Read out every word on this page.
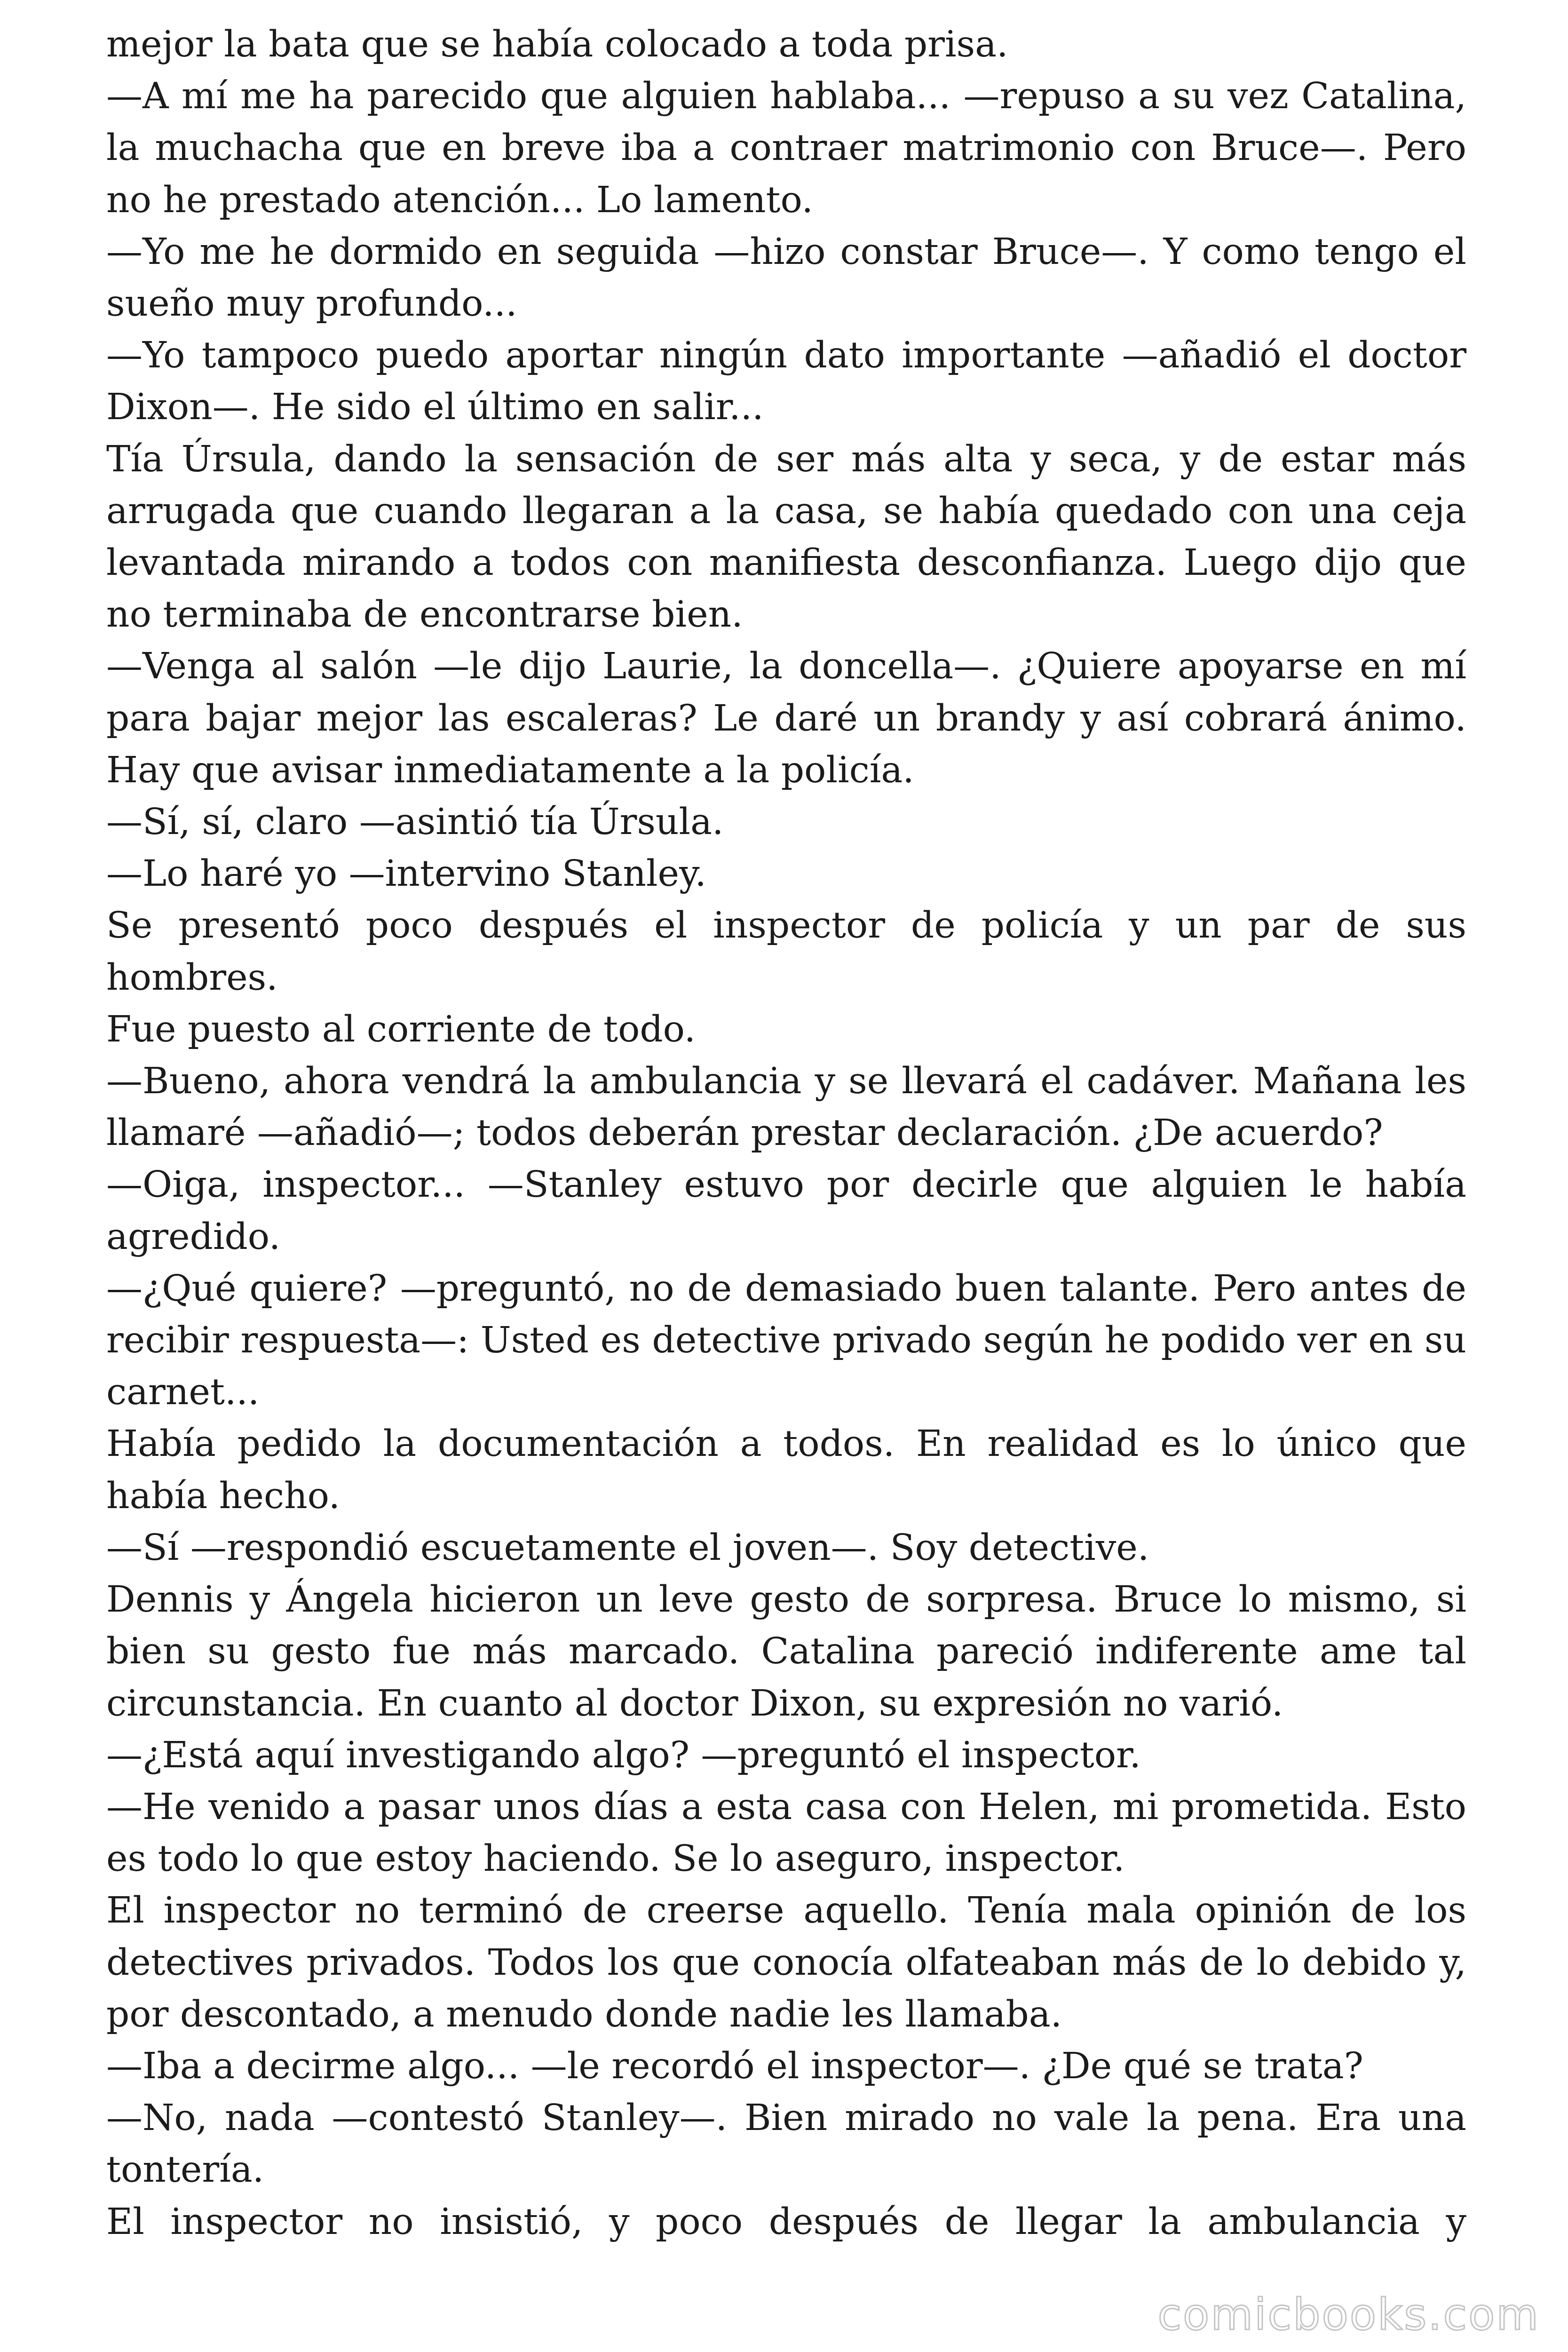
mejor la bata que se había colocado a toda prisa.

—A mí me ha parecido que alguien hablaba... —repuso a su vez Catalina, la muchacha que en breve iba a contraer matrimonio con Bruce—. Pero no he prestado atención... Lo lamento.

—Yo me he dormido en seguida —hizo constar Bruce—. Y como tengo el sueño muy profundo...

—Yo tampoco puedo aportar ningún dato importante —añadió el doctor Dixon—. He sido el último en salir...

Tía Úrsula, dando la sensación de ser más alta y seca, y de estar más arrugada que cuando llegaran a la casa, se había quedado con una ceja levantada mirando a todos con manifiesta desconfianza. Luego dijo que no terminaba de encontrarse bien.

—Venga al salón —le dijo Laurie, la doncella—. ¿Quiere apoyarse en mí para bajar mejor las escaleras? Le daré un brandy y así cobrará ánimo. Hay que avisar inmediatamente a la policía.

—Sí, sí, claro —asintió tía Úrsula.

—Lo haré yo —intervino Stanley.

Se presentó poco después el inspector de policía y un par de sus hombres.

Fue puesto al corriente de todo.

—Bueno, ahora vendrá la ambulancia y se llevará el cadáver. Mañana les llamaré —añadió—; todos deberán prestar declaración. ¿De acuerdo?

—Oiga, inspector... —Stanley estuvo por decirle que alguien le había agredido.

—¿Qué quiere? —preguntó, no de demasiado buen talante. Pero antes de recibir respuesta—: Usted es detective privado según he podido ver en su carnet...

Había pedido la documentación a todos. En realidad es lo único que había hecho.

—Sí —respondió escuetamente el joven—. Soy detective.

Dennis y Ángela hicieron un leve gesto de sorpresa. Bruce lo mismo, si bien su gesto fue más marcado. Catalina pareció indiferente ame tal circunstancia. En cuanto al doctor Dixon, su expresión no varió.

—¿Está aquí investigando algo? —preguntó el inspector.

—He venido a pasar unos días a esta casa con Helen, mi prometida. Esto es todo lo que estoy haciendo. Se lo aseguro, inspector.

El inspector no terminó de creerse aquello. Tenía mala opinión de los detectives privados. Todos los que conocía olfateaban más de lo debido y, por descontado, a menudo donde nadie les llamaba.

—Iba a decirme algo... —le recordó el inspector—. ¿De qué se trata?

—No, nada —contestó Stanley—. Bien mirado no vale la pena. Era una tontería.

El inspector no insistió, y poco después de llegar la ambulancia y

comicbooks.com
